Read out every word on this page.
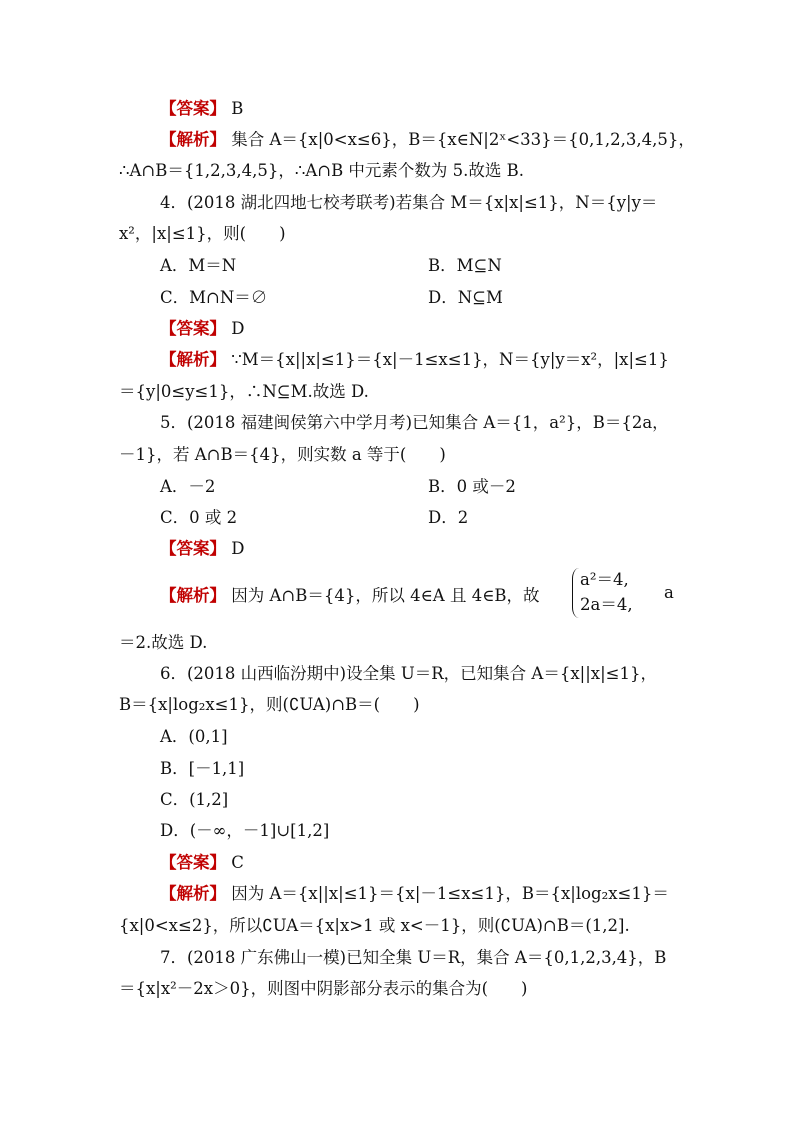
【答案】 B
【解析】 集合 A＝{x|0<x≤6}，B＝{x∈N|2ˣ<33}＝{0,1,2,3,4,5}，
∴A∩B＝{1,2,3,4,5}，∴A∩B 中元素个数为 5.故选 B.
4．(2018 湖北四地七校考联考)若集合 M＝{x|x|≤1}，N＝{y|y＝
x²，|x|≤1}，则(　　)
A．M＝N	B．M⊆N
C．M∩N＝∅	D．N⊆M
【答案】 D
【解析】 ∵M＝{x||x|≤1}＝{x|－1≤x≤1}，N＝{y|y＝x²，|x|≤1}
＝{y|0≤y≤1}，∴N⊆M.故选 D.
5．(2018 福建闽侯第六中学月考)已知集合 A＝{1，a²}，B＝{2a，
－1}，若 A∩B＝{4}，则实数 a 等于(　　)
A．－2	B．0 或－2
C．0 或 2	D．2
【答案】 D
【解析】 因为 A∩B＝{4}，所以 4∈A 且 4∈B，故
a²＝4,
2a＝4,
a
＝2.故选 D.
6．(2018 山西临汾期中)设全集 U＝R，已知集合 A＝{x||x|≤1}，
B＝{x|log₂x≤1}，则(∁UA)∩B＝(　　)
A．(0,1]
B．[－1,1]
C．(1,2]
D．(－∞，－1]∪[1,2]
【答案】 C
【解析】 因为 A＝{x||x|≤1}＝{x|－1≤x≤1}，B＝{x|log₂x≤1}＝
{x|0<x≤2}，所以∁UA＝{x|x>1 或 x<－1}，则(∁UA)∩B＝(1,2].
7．(2018 广东佛山一模)已知全集 U＝R，集合 A＝{0,1,2,3,4}，B
＝{x|x²－2x＞0}，则图中阴影部分表示的集合为(　　)
